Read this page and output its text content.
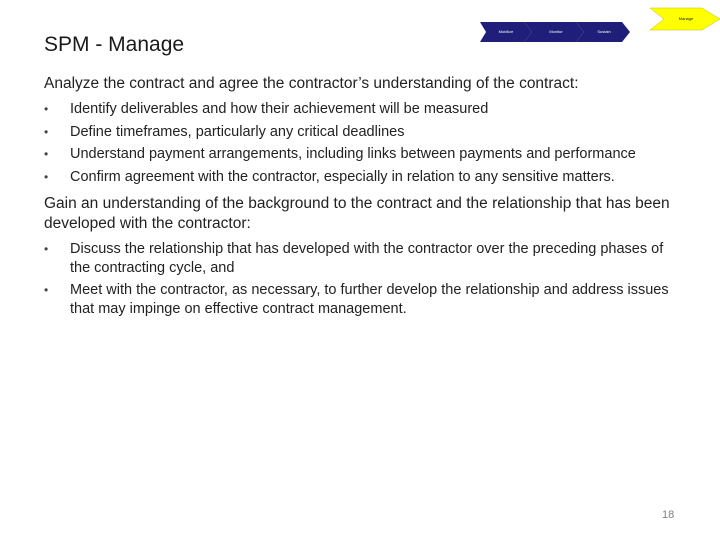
SPM - Manage
Mobilize	Monitor	Sustain
Manage

Analyze the contract and agree the contractor’s understanding of the contract:

• Identify deliverables and how their achievement will be measured
• Define timeframes, particularly any critical deadlines
• Understand payment arrangements, including links between payments and performance
• Confirm agreement with the contractor, especially in relation to any sensitive matters.

Gain an understanding of the background to the contract and the relationship that has been developed with the contractor:

• Discuss the relationship that has developed with the contractor over the preceding phases of the contracting cycle, and
• Meet with the contractor, as necessary, to further develop the relationship and address issues that may impinge on effective contract management.
18
